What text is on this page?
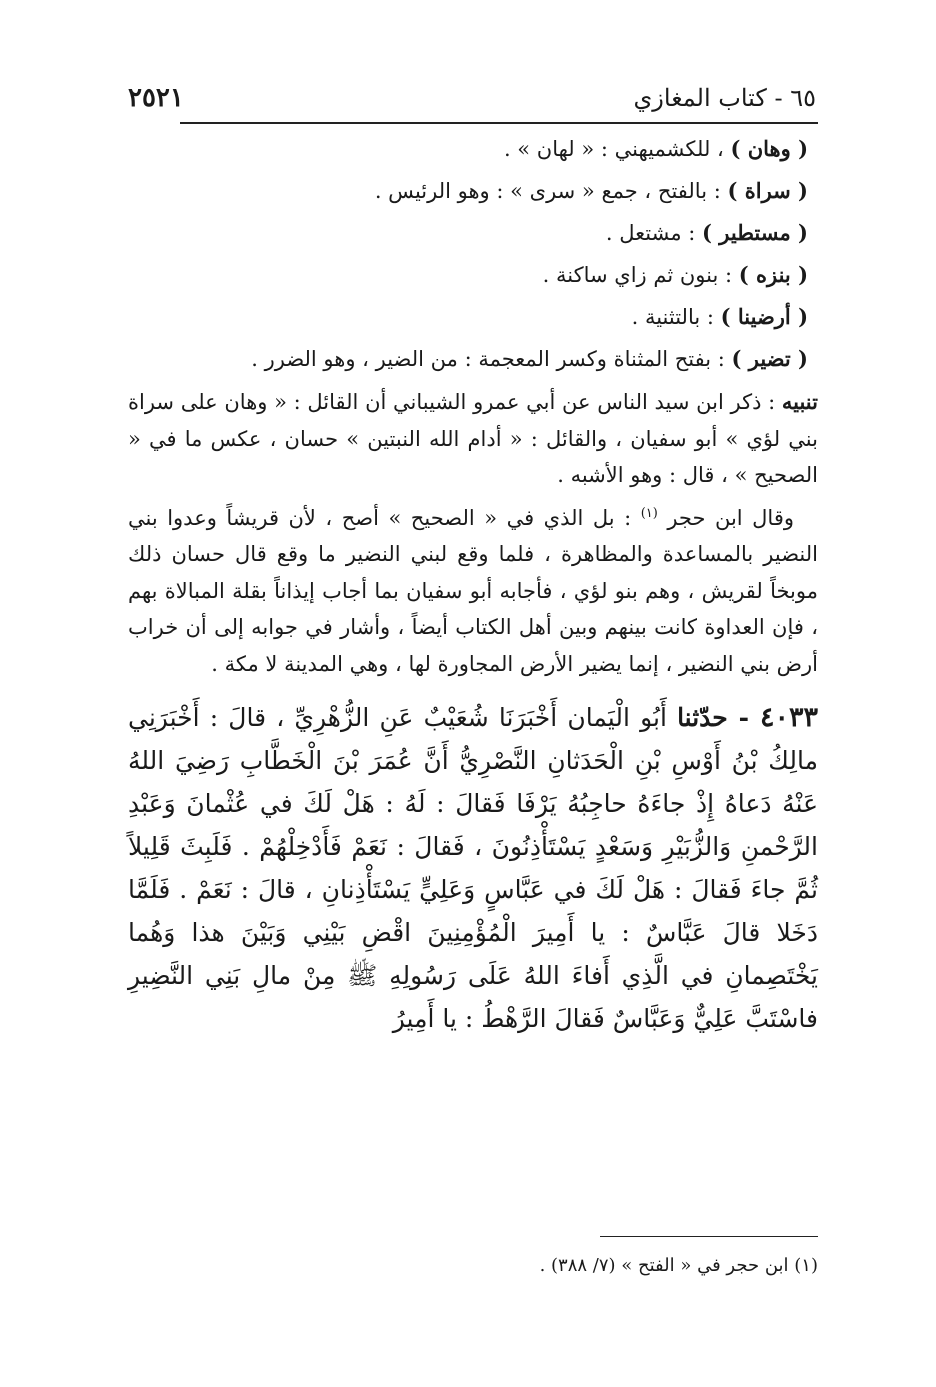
٦٥ - كتاب المغازي
٢٥٢١

( وهان ) ، للكشميهني : « لهان » .

( سراة ) : بالفتح ، جمع « سرى » : وهو الرئيس .

( مستطير ) : مشتعل .

( بنزه ) : بنون ثم زاي ساكنة .

( أرضينا ) : بالتثنية .

( تضير ) : بفتح المثناة وكسر المعجمة : من الضير ، وهو الضرر .

تنبيه : ذكر ابن سيد الناس عن أبي عمرو الشيباني أن القائل : « وهان على سراة بني لؤي » أبو سفيان ، والقائل : « أدام الله النبتين » حسان ، عكس ما في « الصحيح » ، قال : وهو الأشبه .

وقال ابن حجر $^{(١)}$ : بل الذي في « الصحيح » أصح ، لأن قريشاً وعدوا بني النضير بالمساعدة والمظاهرة ، فلما وقع لبني النضير ما وقع قال حسان ذلك موبخاً لقريش ، وهم بنو لؤي ، فأجابه أبو سفيان بما أجاب إيذاناً بقلة المبالاة بهم ، فإن العداوة كانت بينهم وبين أهل الكتاب أيضاً ، وأشار في جوابه إلى أن خراب أرض بني النضير ، إنما يضير الأرض المجاورة لها ، وهي المدينة لا مكة .

٤٠٣٣ - حدّثنا أَبُو الْيَمان أَخْبَرَنَا شُعَيْبٌ عَنِ الزُّهْرِيِّ ، قالَ : أَخْبَرَنِي مالِكُ بْنُ أَوْسِ بْنِ الْحَدَثانِ النَّصْرِيُّ أَنَّ عُمَرَ بْنَ الْخَطَّابِ رَضِيَ اللهُ عَنْهُ دَعاهُ إِذْ جاءَهُ حاجِبُهُ يَرْفَا فَقالَ : لَهُ : هَلْ لَكَ في عُثْمانَ وَعَبْدِ الرَّحْمنِ وَالزُّبَيْرِ وَسَعْدٍ يَسْتَأْذِنُونَ ، فَقالَ : نَعَمْ فَأَدْخِلْهُمْ . فَلَبِثَ قَلِيلاً ثُمَّ جاءَ فَقالَ : هَلْ لَكَ في عَبَّاسٍ وَعَلِيٍّ يَسْتَأْذِنانِ ، قالَ : نَعَمْ . فَلَمَّا دَخَلا قالَ عَبَّاسٌ : يا أَمِيرَ الْمُؤْمِنِينَ اقْضِ بَيْنِي وَبَيْنَ هذا وَهُما يَخْتَصِمانِ في الَّذِي أَفاءَ اللهُ عَلَى رَسُولِهِ ﷺ مِنْ مالِ بَنِي النَّضِيرِ فاسْتَبَّ عَلِيٌّ وَعَبَّاسٌ فَقالَ الرَّهْطُ : يا أَمِيرُ

(١) ابن حجر في « الفتح » (٧/ ٣٨٨) .
